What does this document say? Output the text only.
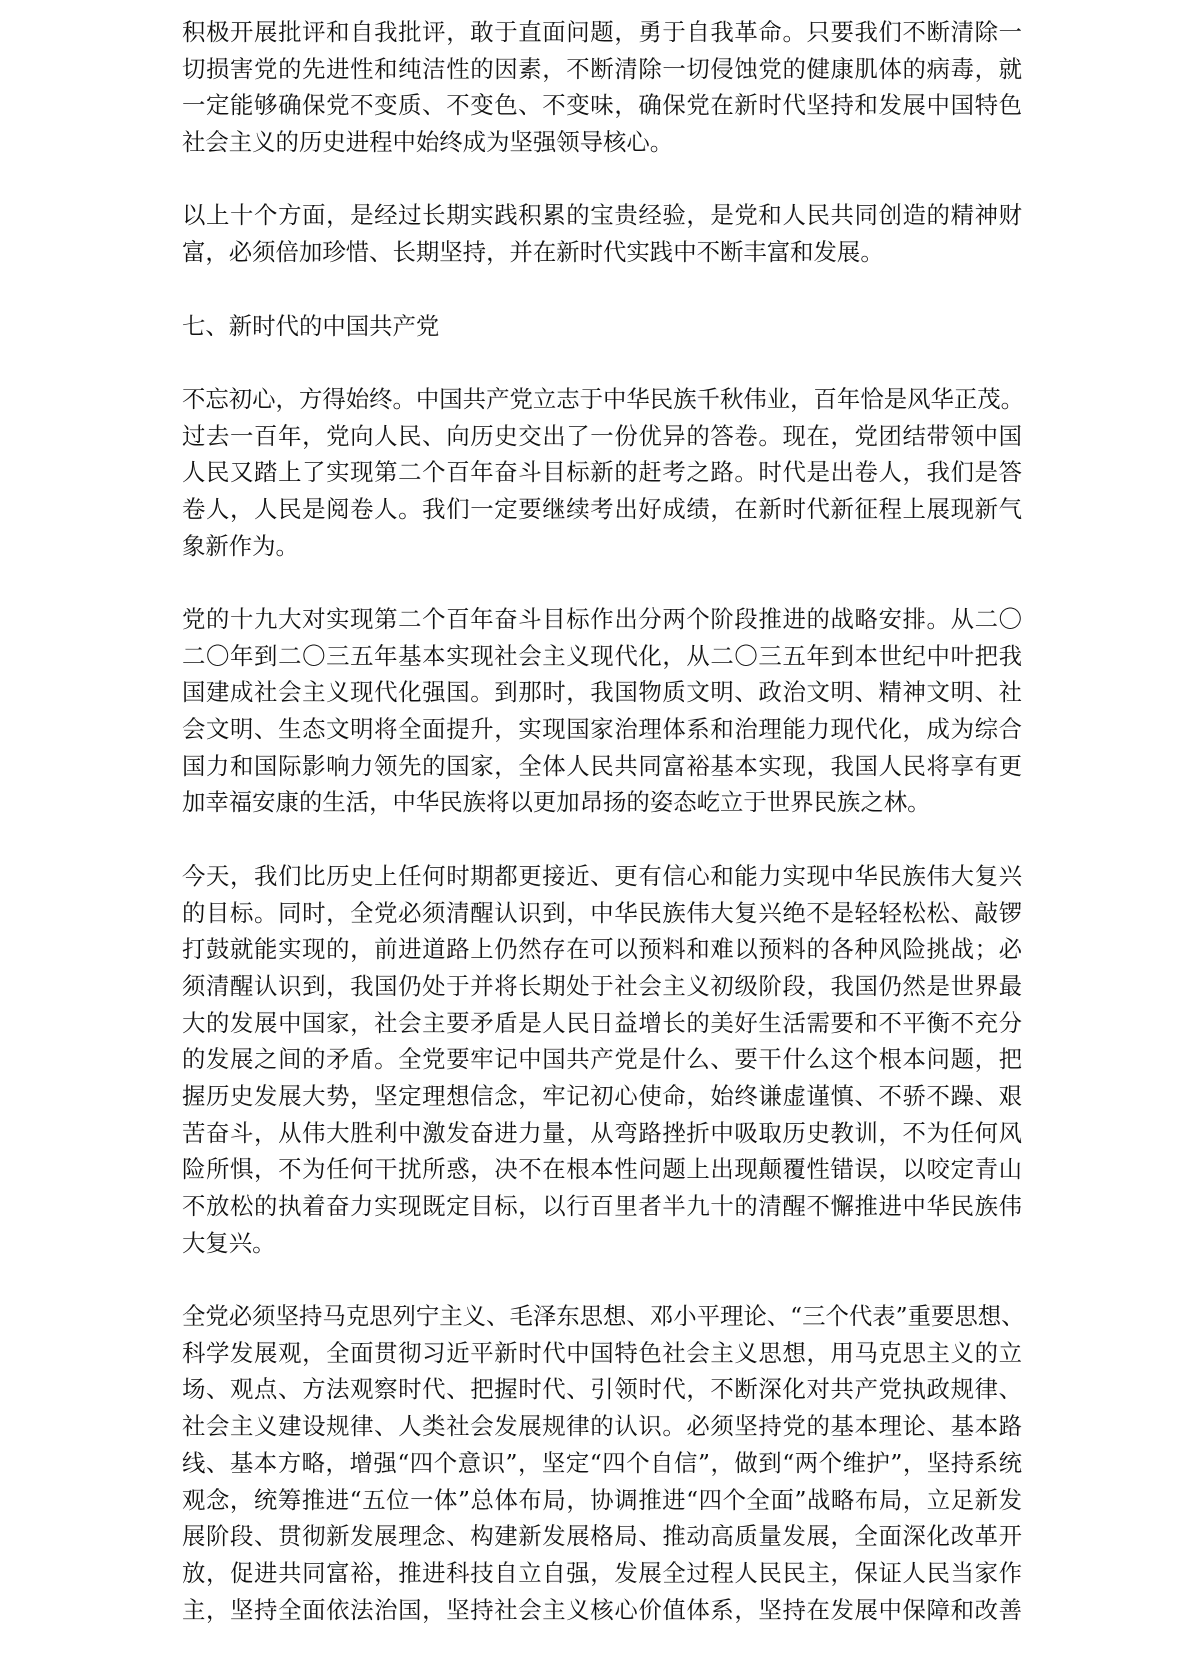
积极开展批评和自我批评，敢于直面问题，勇于自我革命。只要我们不断清除一
切损害党的先进性和纯洁性的因素，不断清除一切侵蚀党的健康肌体的病毒，就
一定能够确保党不变质、不变色、不变味，确保党在新时代坚持和发展中国特色
社会主义的历史进程中始终成为坚强领导核心。
以上十个方面，是经过长期实践积累的宝贵经验，是党和人民共同创造的精神财
富，必须倍加珍惜、长期坚持，并在新时代实践中不断丰富和发展。
七、新时代的中国共产党
不忘初心，方得始终。中国共产党立志于中华民族千秋伟业，百年恰是风华正茂。
过去一百年，党向人民、向历史交出了一份优异的答卷。现在，党团结带领中国
人民又踏上了实现第二个百年奋斗目标新的赶考之路。时代是出卷人，我们是答
卷人，人民是阅卷人。我们一定要继续考出好成绩，在新时代新征程上展现新气
象新作为。
党的十九大对实现第二个百年奋斗目标作出分两个阶段推进的战略安排。从二〇
二〇年到二〇三五年基本实现社会主义现代化，从二〇三五年到本世纪中叶把我
国建成社会主义现代化强国。到那时，我国物质文明、政治文明、精神文明、社
会文明、生态文明将全面提升，实现国家治理体系和治理能力现代化，成为综合
国力和国际影响力领先的国家，全体人民共同富裕基本实现，我国人民将享有更
加幸福安康的生活，中华民族将以更加昂扬的姿态屹立于世界民族之林。
今天，我们比历史上任何时期都更接近、更有信心和能力实现中华民族伟大复兴
的目标。同时，全党必须清醒认识到，中华民族伟大复兴绝不是轻轻松松、敲锣
打鼓就能实现的，前进道路上仍然存在可以预料和难以预料的各种风险挑战；必
须清醒认识到，我国仍处于并将长期处于社会主义初级阶段，我国仍然是世界最
大的发展中国家，社会主要矛盾是人民日益增长的美好生活需要和不平衡不充分
的发展之间的矛盾。全党要牢记中国共产党是什么、要干什么这个根本问题，把
握历史发展大势，坚定理想信念，牢记初心使命，始终谦虚谨慎、不骄不躁、艰
苦奋斗，从伟大胜利中激发奋进力量，从弯路挫折中吸取历史教训，不为任何风
险所惧，不为任何干扰所惑，决不在根本性问题上出现颠覆性错误，以咬定青山
不放松的执着奋力实现既定目标，以行百里者半九十的清醒不懈推进中华民族伟
大复兴。
全党必须坚持马克思列宁主义、毛泽东思想、邓小平理论、“三个代表”重要思想、
科学发展观，全面贯彻习近平新时代中国特色社会主义思想，用马克思主义的立
场、观点、方法观察时代、把握时代、引领时代，不断深化对共产党执政规律、
社会主义建设规律、人类社会发展规律的认识。必须坚持党的基本理论、基本路
线、基本方略，增强“四个意识”，坚定“四个自信”，做到“两个维护”，坚持系统
观念，统筹推进“五位一体”总体布局，协调推进“四个全面”战略布局，立足新发
展阶段、贯彻新发展理念、构建新发展格局、推动高质量发展，全面深化改革开
放，促进共同富裕，推进科技自立自强，发展全过程人民民主，保证人民当家作
主，坚持全面依法治国，坚持社会主义核心价值体系，坚持在发展中保障和改善
